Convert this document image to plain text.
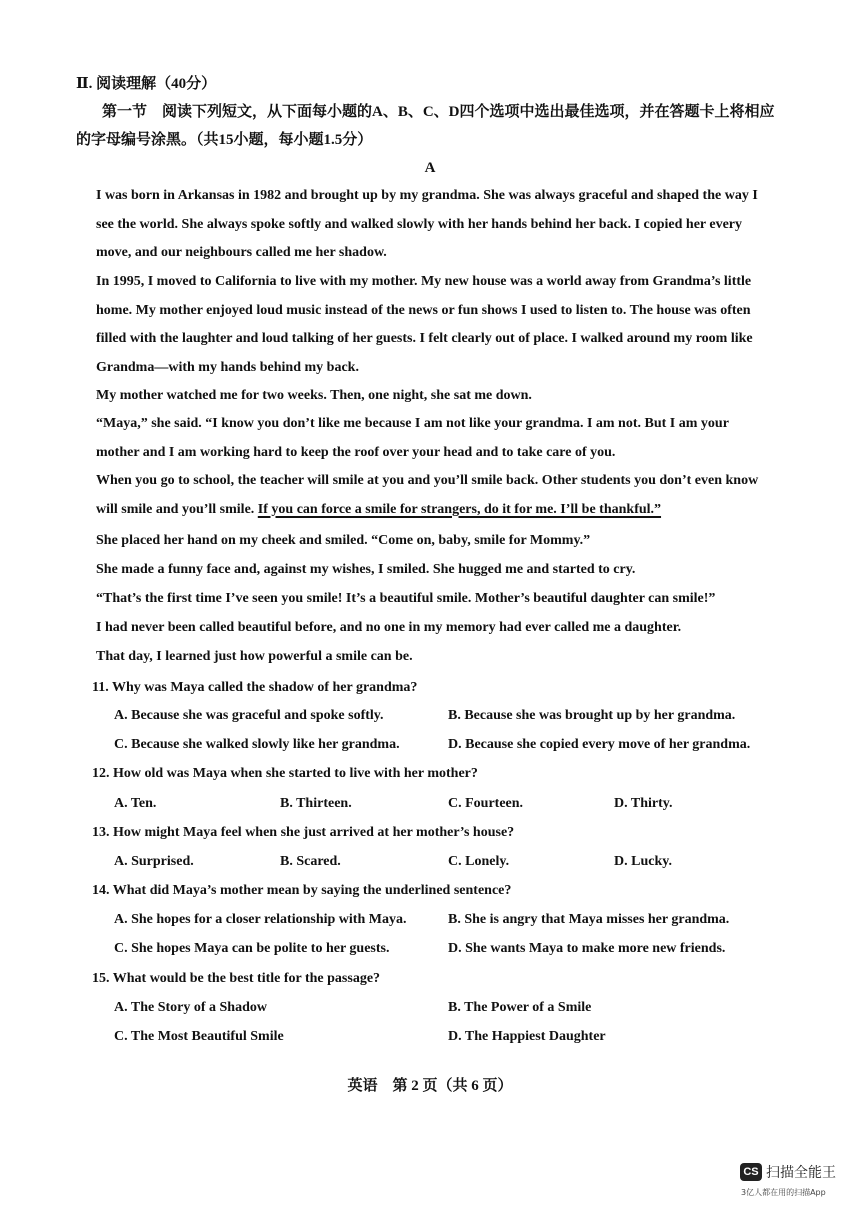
Ⅱ. 阅读理解（40分）
第一节　阅读下列短文，从下面每小题的A、B、C、D四个选项中选出最佳选项，并在答题卡上将相应的字母编号涂黑。（共15小题，每小题1.5分）
A
I was born in Arkansas in 1982 and brought up by my grandma. She was always graceful and shaped the way I see the world. She always spoke softly and walked slowly with her hands behind her back. I copied her every move, and our neighbours called me her shadow.
In 1995, I moved to California to live with my mother. My new house was a world away from Grandma’s little home. My mother enjoyed loud music instead of the news or fun shows I used to listen to. The house was often filled with the laughter and loud talking of her guests. I felt clearly out of place. I walked around my room like Grandma—with my hands behind my back.
My mother watched me for two weeks. Then, one night, she sat me down.
“Maya,” she said. “I know you don’t like me because I am not like your grandma. I am not. But I am your mother and I am working hard to keep the roof over your head and to take care of you.
When you go to school, the teacher will smile at you and you’ll smile back. Other students you don’t even know will smile and you’ll smile. If you can force a smile for strangers, do it for me. I’ll be thankful.”
She placed her hand on my cheek and smiled. “Come on, baby, smile for Mommy.”
She made a funny face and, against my wishes, I smiled. She hugged me and started to cry.
“That’s the first time I’ve seen you smile! It’s a beautiful smile. Mother’s beautiful daughter can smile!”
I had never been called beautiful before, and no one in my memory had ever called me a daughter.
That day, I learned just how powerful a smile can be.
11. Why was Maya called the shadow of her grandma?
A. Because she was graceful and spoke softly.	B. Because she was brought up by her grandma.
C. Because she walked slowly like her grandma.	D. Because she copied every move of her grandma.
12. How old was Maya when she started to live with her mother?
A. Ten.	B. Thirteen.	C. Fourteen.	D. Thirty.
13. How might Maya feel when she just arrived at her mother’s house?
A. Surprised.	B. Scared.	C. Lonely.	D. Lucky.
14. What did Maya’s mother mean by saying the underlined sentence?
A. She hopes for a closer relationship with Maya.	B. She is angry that Maya misses her grandma.
C. She hopes Maya can be polite to her guests.	D. She wants Maya to make more new friends.
15. What would be the best title for the passage?
A. The Story of a Shadow	B. The Power of a Smile
C. The Most Beautiful Smile	D. The Happiest Daughter
英语　第 2 页（共 6 页）
CS 扫描全能王
3亿人都在用的扫描App
